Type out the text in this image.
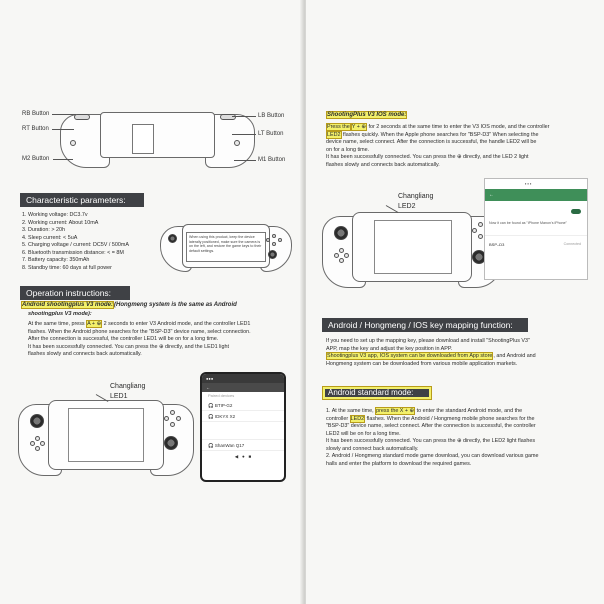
RB Button
RT Button
M2 Button
LB Button
LT Button
M1 Button
Characteristic parameters:

1. Working voltage: DC3.7v

2. Working current: About 10mA

3. Duration: > 20h

4. Sleep current: < 5uA

5. Charging voltage / current: DC5V / 500mA

6. Bluetooth transmission distance: < = 8M

7. Battery capacity: 350mAh

8. Standby time: 60 days at full power

When using this product, keep the device laterally positioned, make sure the camera is on the left, and restore the game keys to their default settings.
Operation instructions:
Android shootingplus V3 mode:(Hongmeng system is the same as Android
shootingplus V3 mode):

At the same time, press A + ⊕ 2 seconds to enter V3 Android mode, and the controller LED1

flashes. When the Android phone searches for the "BSP-D3" device name, select connection.

After the connection is successful, the controller LED1 will be on for a long time.

It has been successfully connected. You can press the ⊕ directly, and the LED1 light

flashes slowly and connects back automatically.

Changliang

LED1

●●●
←
Paired devices
🎧 BTIP-G2
🎧 IDKYX X2
🎧 ShanWan Q17
◀   ●   ■
ShootingPlus V3 IOS mode:

Press the Y + ⊕ for 2 seconds at the same time to enter the V3 IOS mode, and the controller

LED2 flashes quickly. When the Apple phone searches for "BSP-D3" When selecting the

device name, select connect. After the connection is successful, the handle LED2 will be

on for a long time.

It has been successfully connected. You can press the ⊕ directly, and the LED 2 light

flashes slowly and connects back automatically.

Changliang

LED2

▪ ▪ ▪
←
Now it can be found as "iPhone Manon's iPhone"
BSP–D3	Connected
Android / Hongmeng / IOS key mapping function:

If you need to set up the mapping key, please download and install "ShootingPlus V3"

APP, map the key and adjust the key position in APP.

Shootingplus V3 app, IOS system can be downloaded from App store, and Android and

Hongmeng system can be downloaded from various mobile application markets.

Android standard mode:

1. At the same time, press the X + ⊕ to enter the standard Android mode, and the

controller LED2 flashes. When the Android / Hongmeng mobile phone searches for the

"BSP-D3" device name, select connect. After the connection is successful, the controller

LED2 will be on for a long time.

It has been successfully connected. You can press the ⊕ directly, the LED2 light flashes

slowly and connect back automatically.

2. Android / Hongmeng standard mode game download, you can download various game

halls and enter the platform to download the required games.
